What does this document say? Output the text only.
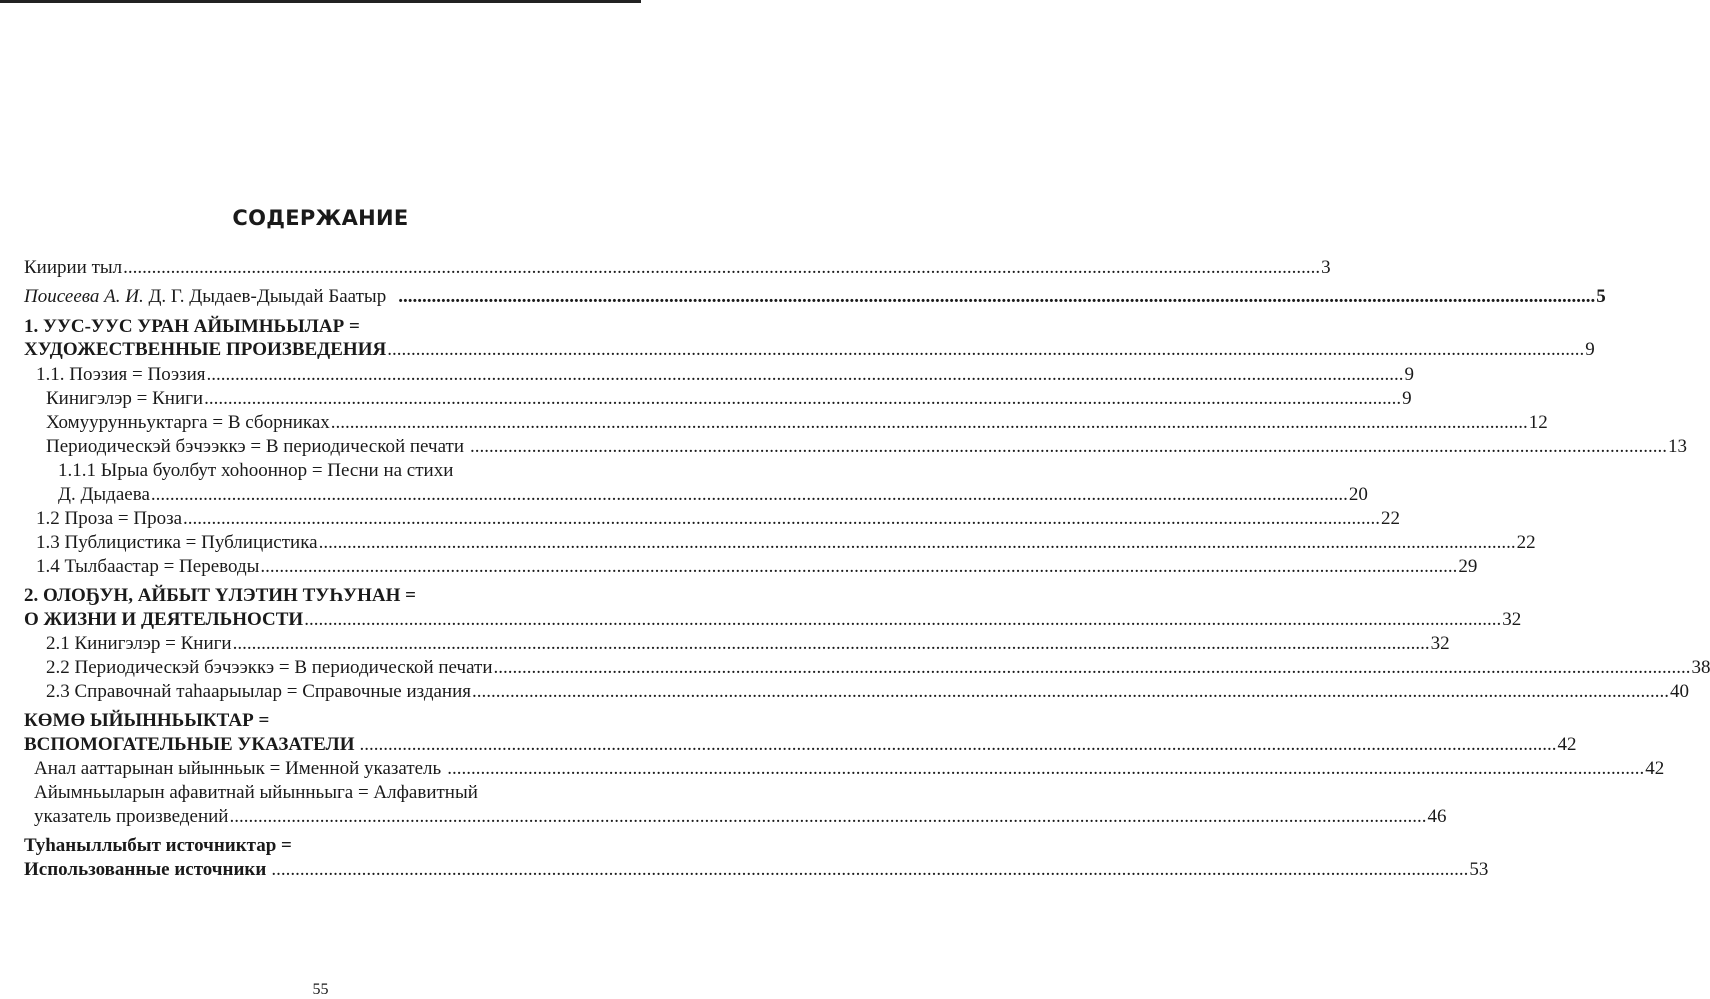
СОДЕРЖАНИЕ
Киирии тыл .....	3
Поисеева А. И. Д. Г. Дыдаев-Дыыдай Баатыр .....	5
1. УУС-УУС УРАН АЙЫМНЬЫЛАР =
ХУДОЖЕСТВЕННЫЕ ПРОИЗВЕДЕНИЯ .....	9
1.1. Поэзия = Поэзия .....	9
Кинигэлэр = Книги .....	9
Хомуурунньуктарга = В сборниках .....	12
Периодическэй бэчээккэ = В периодической печати .....	13
1.1.1 Ырыа буолбут хоһооннор = Песни на стихи
Д. Дыдаева .....	20
1.2 Проза = Проза .....	22
1.3 Публицистика = Публицистика .....	22
1.4 Тылбаастар = Переводы .....	29
2. ОЛОҔУН, АЙБЫТ ҮЛЭТИН ТУҺУНАН =
О ЖИЗНИ И ДЕЯТЕЛЬНОСТИ .....	32
2.1 Кинигэлэр = Книги .....	32
2.2 Периодическэй бэчээккэ = В периодической печати .....	38
2.3 Справочнай таһаарыылар = Справочные издания .....	40
КӨМӨ ЫЙЫННЬЫКТАР =
ВСПОМОГАТЕЛЬНЫЕ УКАЗАТЕЛИ .....	42
Анал ааттарынан ыйынньык = Именной указатель .....	42
Айымньыларын афавитнай ыйынньыга = Алфавитный
указатель произведений .....	46
Туһаныллыбыт источниктар =
Использованные источники .....	53
55
